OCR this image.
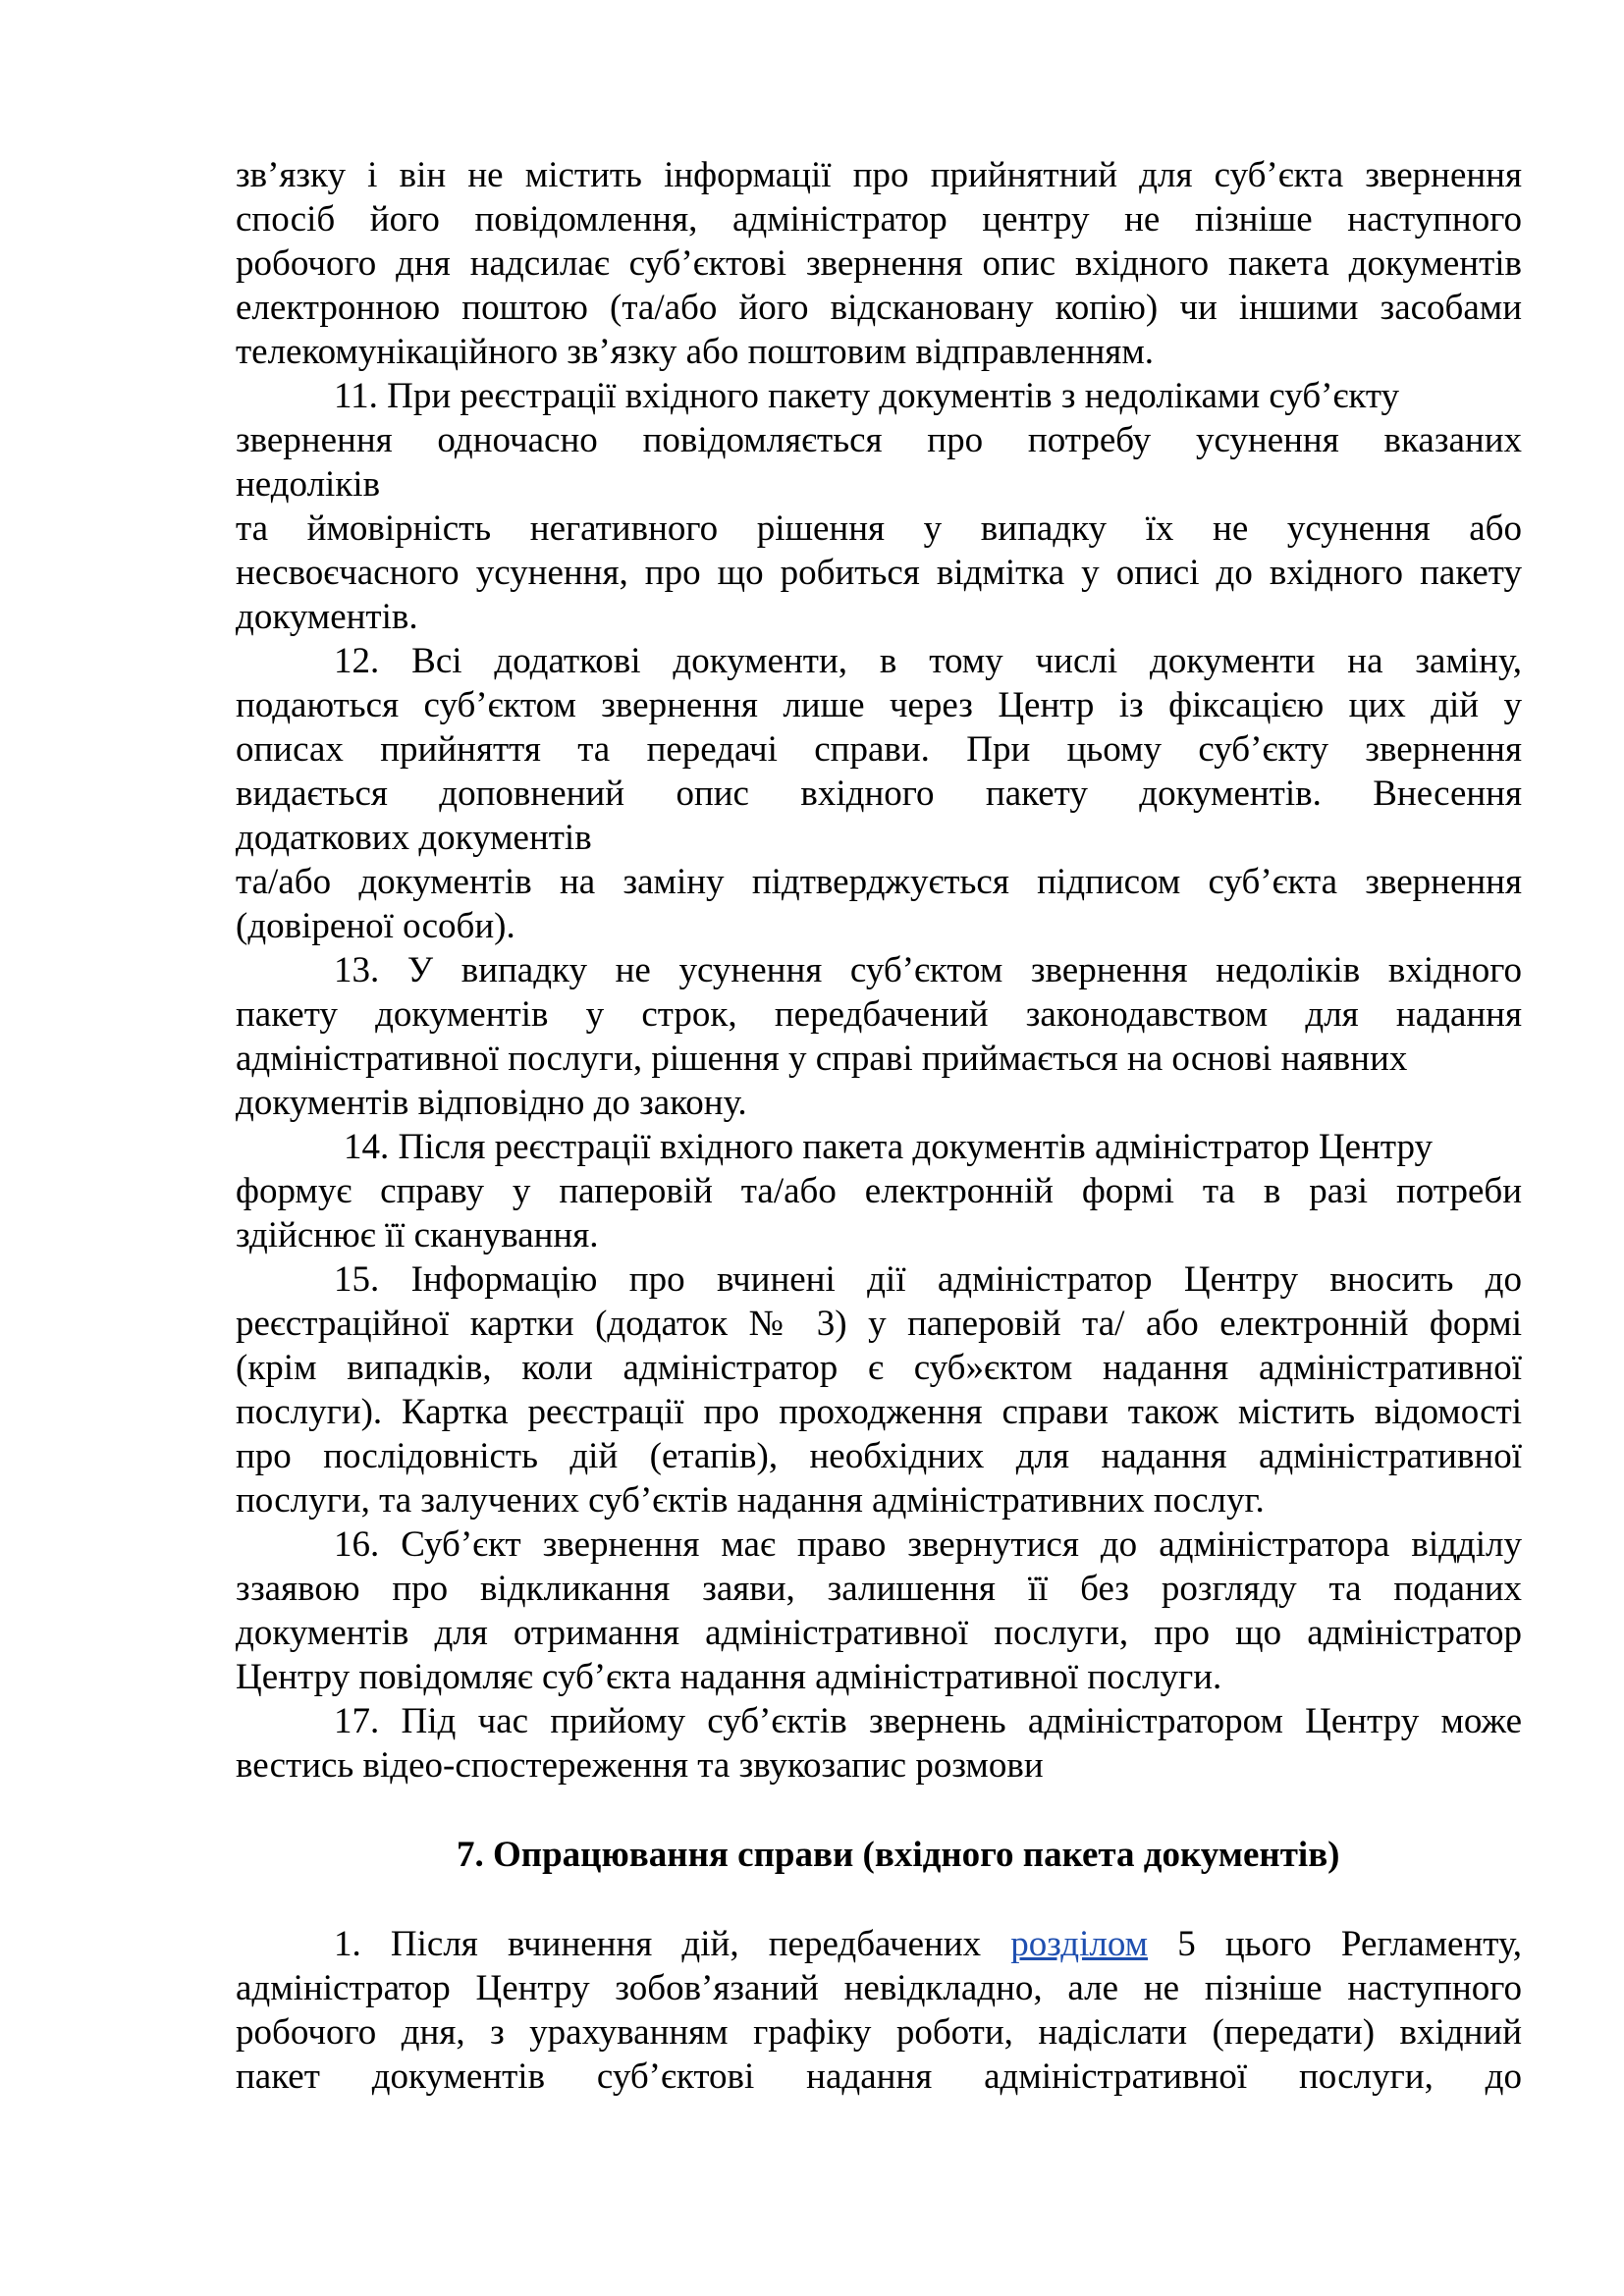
зв’язку і він не містить інформації про прийнятний для суб’єкта звернення

спосіб його повідомлення, адміністратор центру не пізніше наступного

робочого дня надсилає суб’єктові звернення опис вхідного пакета документів

електронною поштою (та/або його відскановану копію) чи іншими засобами

телекомунікаційного зв’язку або поштовим відправленням.

11. При реєстрації вхідного пакету документів з недоліками суб’єкту

звернення одночасно повідомляється про потребу усунення вказаних

недоліків

та ймовірність негативного рішення у випадку їх не усунення або

несвоєчасного усунення, про що робиться відмітка у описі до вхідного пакету

документів.

12. Всі додаткові документи, в тому числі документи на заміну,

подаються суб’єктом звернення лише через Центр із фіксацією цих дій у

описах прийняття та передачі справи. При цьому суб’єкту звернення

видається доповнений опис вхідного пакету документів. Внесення

додаткових документів

та/або документів на заміну підтверджується підписом суб’єкта звернення

(довіреної особи).

13. У випадку не усунення суб’єктом звернення недоліків вхідного

пакету документів у строк, передбачений законодавством для надання

адміністративної послуги, рішення у справі приймається на основі наявних

документів відповідно до закону.

14. Після реєстрації вхідного пакета документів адміністратор Центру

формує справу у паперовій та/або електронній формі та в разі потреби

здійснює її сканування.

15. Інформацію про вчинені дії адміністратор Центру вносить до

реєстраційної картки (додаток № 3) у паперовій та/ або електронній формі

(крім випадків, коли адміністратор є суб»єктом надання адміністративної

послуги). Картка реєстрації про проходження справи також містить відомості

про послідовність дій (етапів), необхідних для надання адміністративної

послуги, та залучених суб’єктів надання адміністративних послуг.

16. Суб’єкт звернення має право звернутися до адміністратора відділу

ззаявою про відкликання заяви, залишення її без розгляду та поданих

документів для отримання адміністративної послуги, про що адміністратор

Центру повідомляє суб’єкта надання адміністративної послуги.

17. Під час прийому суб’єктів звернень адміністратором Центру може

вестись відео-спостереження та звукозапис розмови

7. Опрацювання справи (вхідного пакета документів)

1. Після вчинення дій, передбачених розділом 5 цього Регламенту,

адміністратор Центру зобов’язаний невідкладно, але не пізніше наступного

робочого дня, з урахуванням графіку роботи, надіслати (передати) вхідний

пакет документів суб’єктові надання адміністративної послуги, до
